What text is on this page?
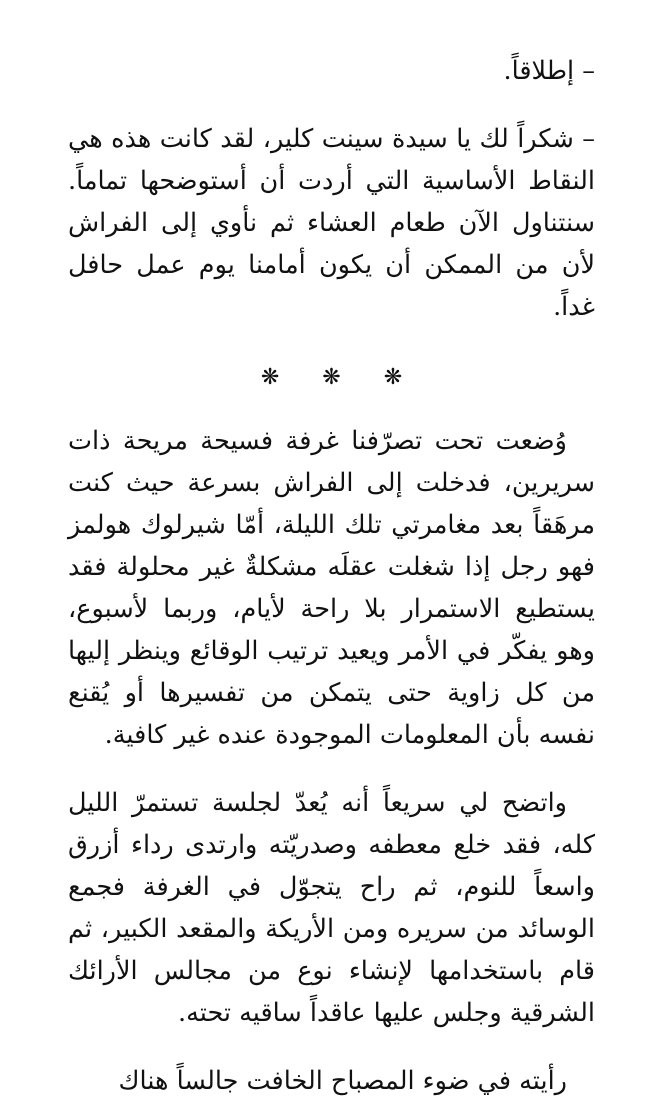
– إطلاقاً.

– شكراً لك يا سيدة سينت كلير، لقد كانت هذه هي النقاط الأساسية التي أردت أن أستوضحها تماماً. سنتناول الآن طعام العشاء ثم نأوي إلى الفراش لأن من الممكن أن يكون أمامنا يوم عمل حافل غداً.

❋ ❋ ❋

وُضعت تحت تصرّفنا غرفة فسيحة مريحة ذات سريرين، فدخلت إلى الفراش بسرعة حيث كنت مرهَقاً بعد مغامرتي تلك الليلة، أمّا شيرلوك هولمز فهو رجل إذا شغلت عقلَه مشكلةٌ غير محلولة فقد يستطيع الاستمرار بلا راحة لأيام، وربما لأسبوع، وهو يفكّر في الأمر ويعيد ترتيب الوقائع وينظر إليها من كل زاوية حتى يتمكن من تفسيرها أو يُقنع نفسه بأن المعلومات الموجودة عنده غير كافية.

واتضح لي سريعاً أنه يُعدّ لجلسة تستمرّ الليل كله، فقد خلع معطفه وصدريّته وارتدى رداء أزرق واسعاً للنوم، ثم راح يتجوّل في الغرفة فجمع الوسائد من سريره ومن الأريكة والمقعد الكبير، ثم قام باستخدامها لإنشاء نوع من مجالس الأرائك الشرقية وجلس عليها عاقداً ساقيه تحته.

رأيته في ضوء المصباح الخافت جالساً هناك
